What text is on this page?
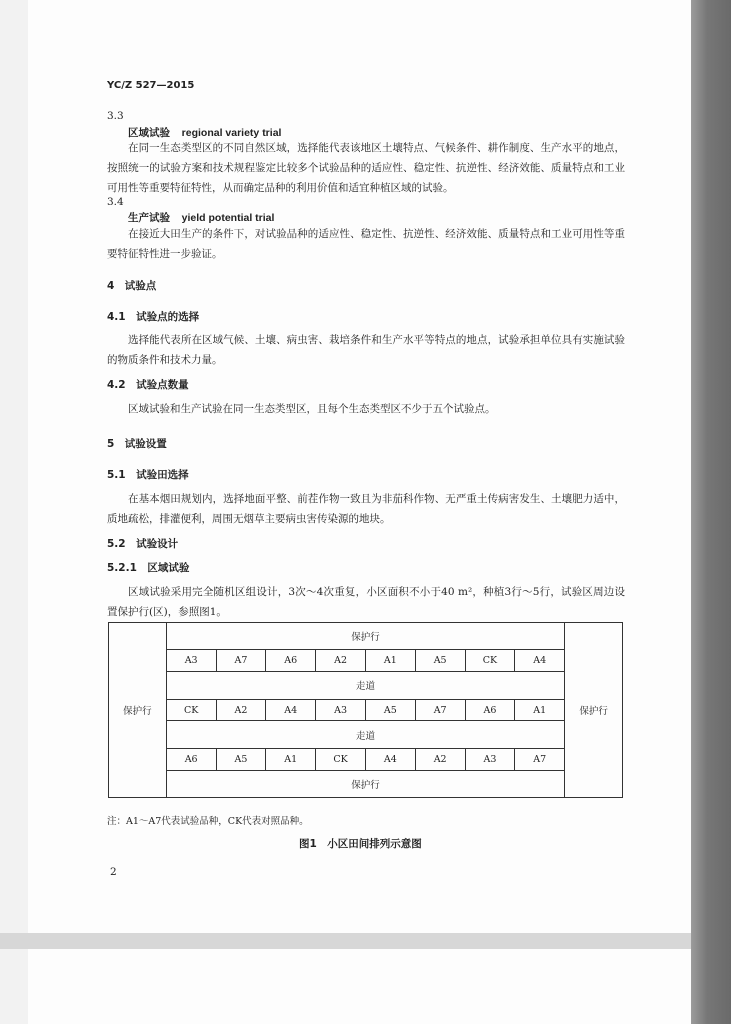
YC/Z 527—2015
3.3
区域试验 regional variety trial
在同一生态类型区的不同自然区域，选择能代表该地区土壤特点、气候条件、耕作制度、生产水平的地点，按照统一的试验方案和技术规程鉴定比较多个试验品种的适应性、稳定性、抗逆性、经济效能、质量特点和工业可用性等重要特征特性，从而确定品种的利用价值和适宜种植区域的试验。
3.4
生产试验 yield potential trial
在接近大田生产的条件下，对试验品种的适应性、稳定性、抗逆性、经济效能、质量特点和工业可用性等重要特征特性进一步验证。
4　试验点
4.1　试验点的选择
选择能代表所在区域气候、土壤、病虫害、栽培条件和生产水平等特点的地点，试验承担单位具有实施试验的物质条件和技术力量。
4.2　试验点数量
区域试验和生产试验在同一生态类型区，且每个生态类型区不少于五个试验点。
5　试验设置
5.1　试验田选择
在基本烟田规划内，选择地面平整、前茬作物一致且为非茄科作物、无严重土传病害发生、土壤肥力适中，质地疏松，排灌便利，周围无烟草主要病虫害传染源的地块。
5.2　试验设计
5.2.1　区域试验
区域试验采用完全随机区组设计，3次～4次重复，小区面积不小于40 m²，种植3行～5行，试验区周边设置保护行(区)，参照图1。
保护行	保护行								保护行
	A3	A7	A6	A2	A1	A5	CK	A4	
	走道								
	CK	A2	A4	A3	A5	A7	A6	A1	
	走道								
	A6	A5	A1	CK	A4	A2	A3	A7	
	保护行								
注：A1～A7代表试验品种，CK代表对照品种。
图1　小区田间排列示意图
2
